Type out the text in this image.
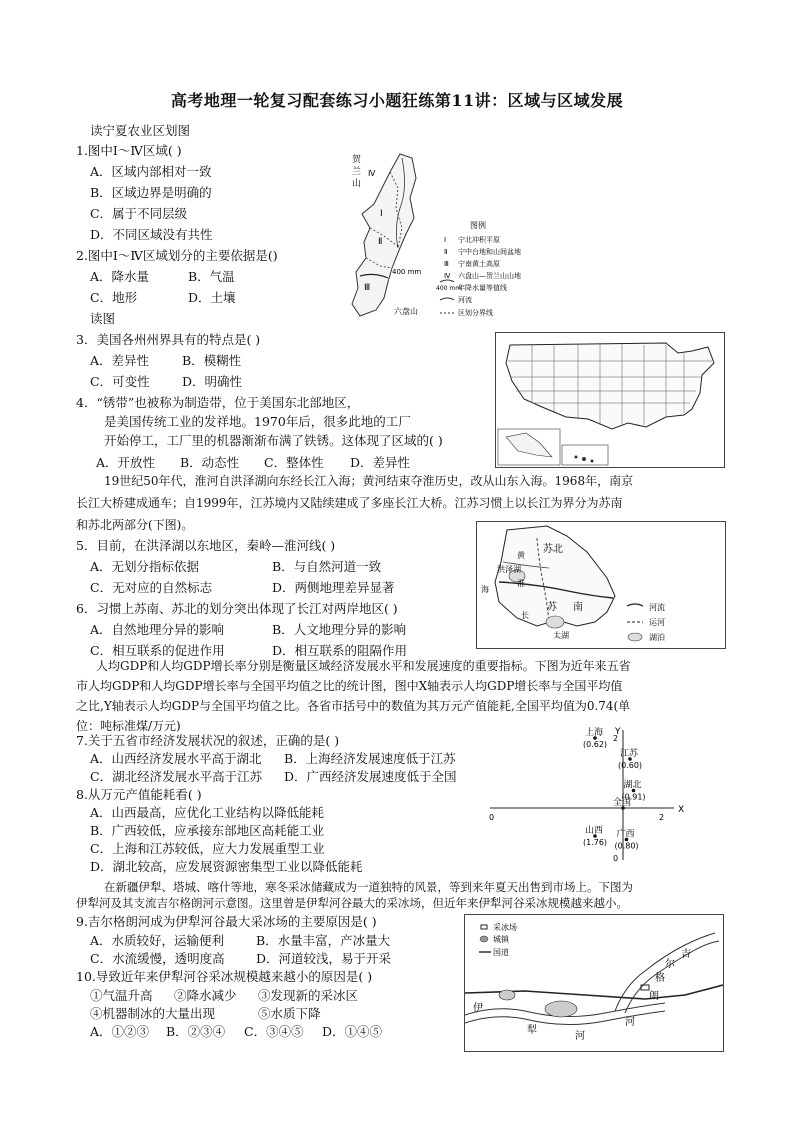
高考地理一轮复习配套练习小题狂练第11讲：区域与区域发展
读宁夏农业区划图
1.图中Ⅰ～Ⅳ区域( )
A．区域内部相对一致
B．区域边界是明确的
C．属于不同层级
D．不同区域没有共性
2.图中Ⅰ～Ⅳ区域划分的主要依据是()
A．降水量	B．气温
C．地形	D．土壤
读图
贺
兰
山
Ⅰ
Ⅱ
Ⅲ
Ⅳ
400 mm
六盘山
图例
Ⅰ 宁北冲积平原
Ⅱ 宁中台地和山间盆地
Ⅲ 宁南黄土高原
Ⅳ 六盘山—贺兰山山地
400 mm
年降水量等值线
河流
区划分界线
3．美国各州州界具有的特点是( )
A．差异性	B．模糊性
C．可变性	D．明确性
4．“锈带”也被称为制造带，位于美国东北部地区，
是美国传统工业的发祥地。1970年后，很多此地的工厂
开始停工，工厂里的机器渐渐布满了铁锈。这体现了区域的( )
A．开放性 B．动态性 C．整体性 D．差异性
19世纪50年代，淮河自洪泽湖向东经长江入海；黄河结束夺淮历史，改从山东入海。1968年，南京
长江大桥建成通车；自1999年，江苏境内又陆续建成了多座长江大桥。江苏习惯上以长江为界分为苏南
和苏北两部分(下图)。
5．目前，在洪泽湖以东地区，秦岭—淮河线( )
A．无划分指标依据	B．与自然河道一致
C．无对应的自然标志	D．两侧地理差异显著
6．习惯上苏南、苏北的划分突出体现了长江对两岸地区( )
A．自然地理分异的影响	B．人文地理分异的影响
C．相互联系的促进作用	D．相互联系的阻隔作用
苏北
苏 南
洪泽湖
黄
海
长
太湖
淮
河流
运河
湖泊
人均GDP和人均GDP增长率分别是衡量区域经济发展水平和发展速度的重要指标。下图为近年来五省
市人均GDP和人均GDP增长率与全国平均值之比的统计图，图中X轴表示人均GDP增长率与全国平均值
之比,Y轴表示人均GDP与全国平均值之比。各省市括号中的数值为其万元产值能耗,全国平均值为0.74(单
位：吨标准煤/万元)
7.关于五省市经济发展状况的叙述，正确的是( )
A．山西经济发展水平高于湖北 B．上海经济发展速度低于江苏
C．湖北经济发展水平高于江苏 D．广西经济发展速度低于全国
8.从万元产值能耗看( )
A．山西最高，应优化工业结构以降低能耗
B．广西较低，应承接东部地区高耗能工业
C．上海和江苏较低，应大力发展重型工业
D．湖北较高，应发展资源密集型工业以降低能耗
X
Y
0	2
2
0
上海
(0.62)
江苏
(0.60)
湖北
(0.91)
全国
山西
(1.76)
广西
(0.80)
在新疆伊犁、塔城、喀什等地，寒冬采冰储藏成为一道独特的风景，等到来年夏天出售到市场上。下图为
伊犁河及其支流吉尔格朗河示意图。这里曾是伊犁河谷最大的采冰场，但近年来伊犁河谷采冰规模越来越小。
9.吉尔格朗河成为伊犁河谷最大采冰场的主要原因是( )
A．水质较好，运输便利	B．水量丰富，产冰量大
C．水流缓慢，透明度高	D．河道较浅，易于开采
10.导致近年来伊犁河谷采冰规模越来越小的原因是( )
①气温升高 ②降水减少 ③发现新的采冰区
④机器制冰的大量出现	⑤水质下降
A．①②③ B．②③④ C．③④⑤ D．①④⑤
采冰场
城镇
国道	吉
尔
格
朗
河
伊
犁
河
